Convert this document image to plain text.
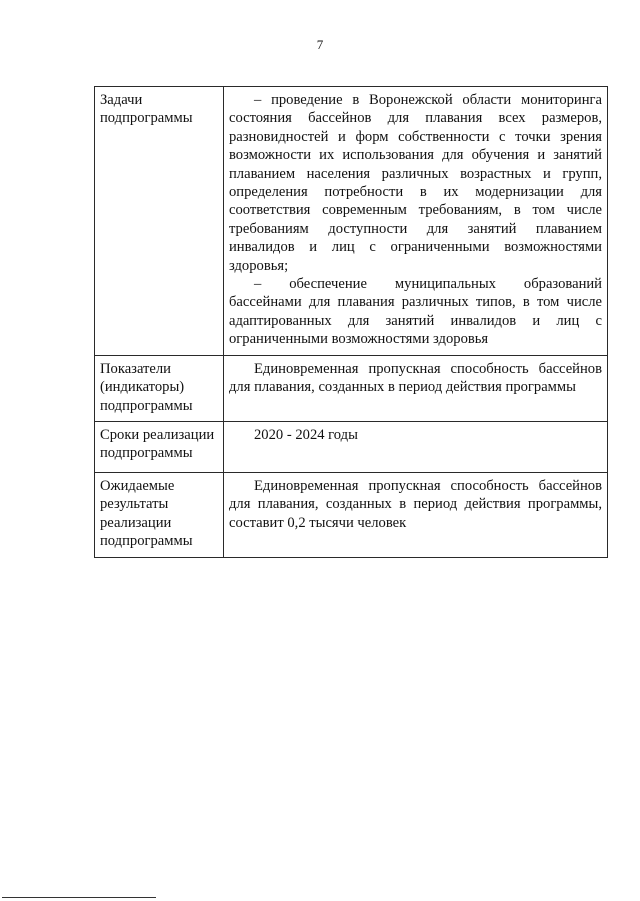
7
Задачи подпрограммы	– проведение в Воронежской области мониторинга состояния бассейнов для плавания всех размеров, разновидностей и форм собственности с точки зрения возможности их использования для обучения и занятий плаванием населения различных возрастных и групп, определения потребности в их модернизации для соответствия современным требованиям, в том числе требованиям доступности для занятий плаванием инвалидов и лиц с ограниченными возможностями здоровья;

– обеспечение муниципальных образований бассейнами для плавания различных типов, в том числе адаптированных для занятий инвалидов и лиц с ограниченными возможностями здоровья

Показатели (индикаторы) подпрограммы	Единовременная пропускная способность бассейнов для плавания, созданных в период действия программы

Сроки реализации подпрограммы	2020 - 2024 годы

Ожидаемые результаты реализации подпрограммы	Единовременная пропускная способность бассейнов для плавания, созданных в период действия программы, составит 0,2 тысячи человек
